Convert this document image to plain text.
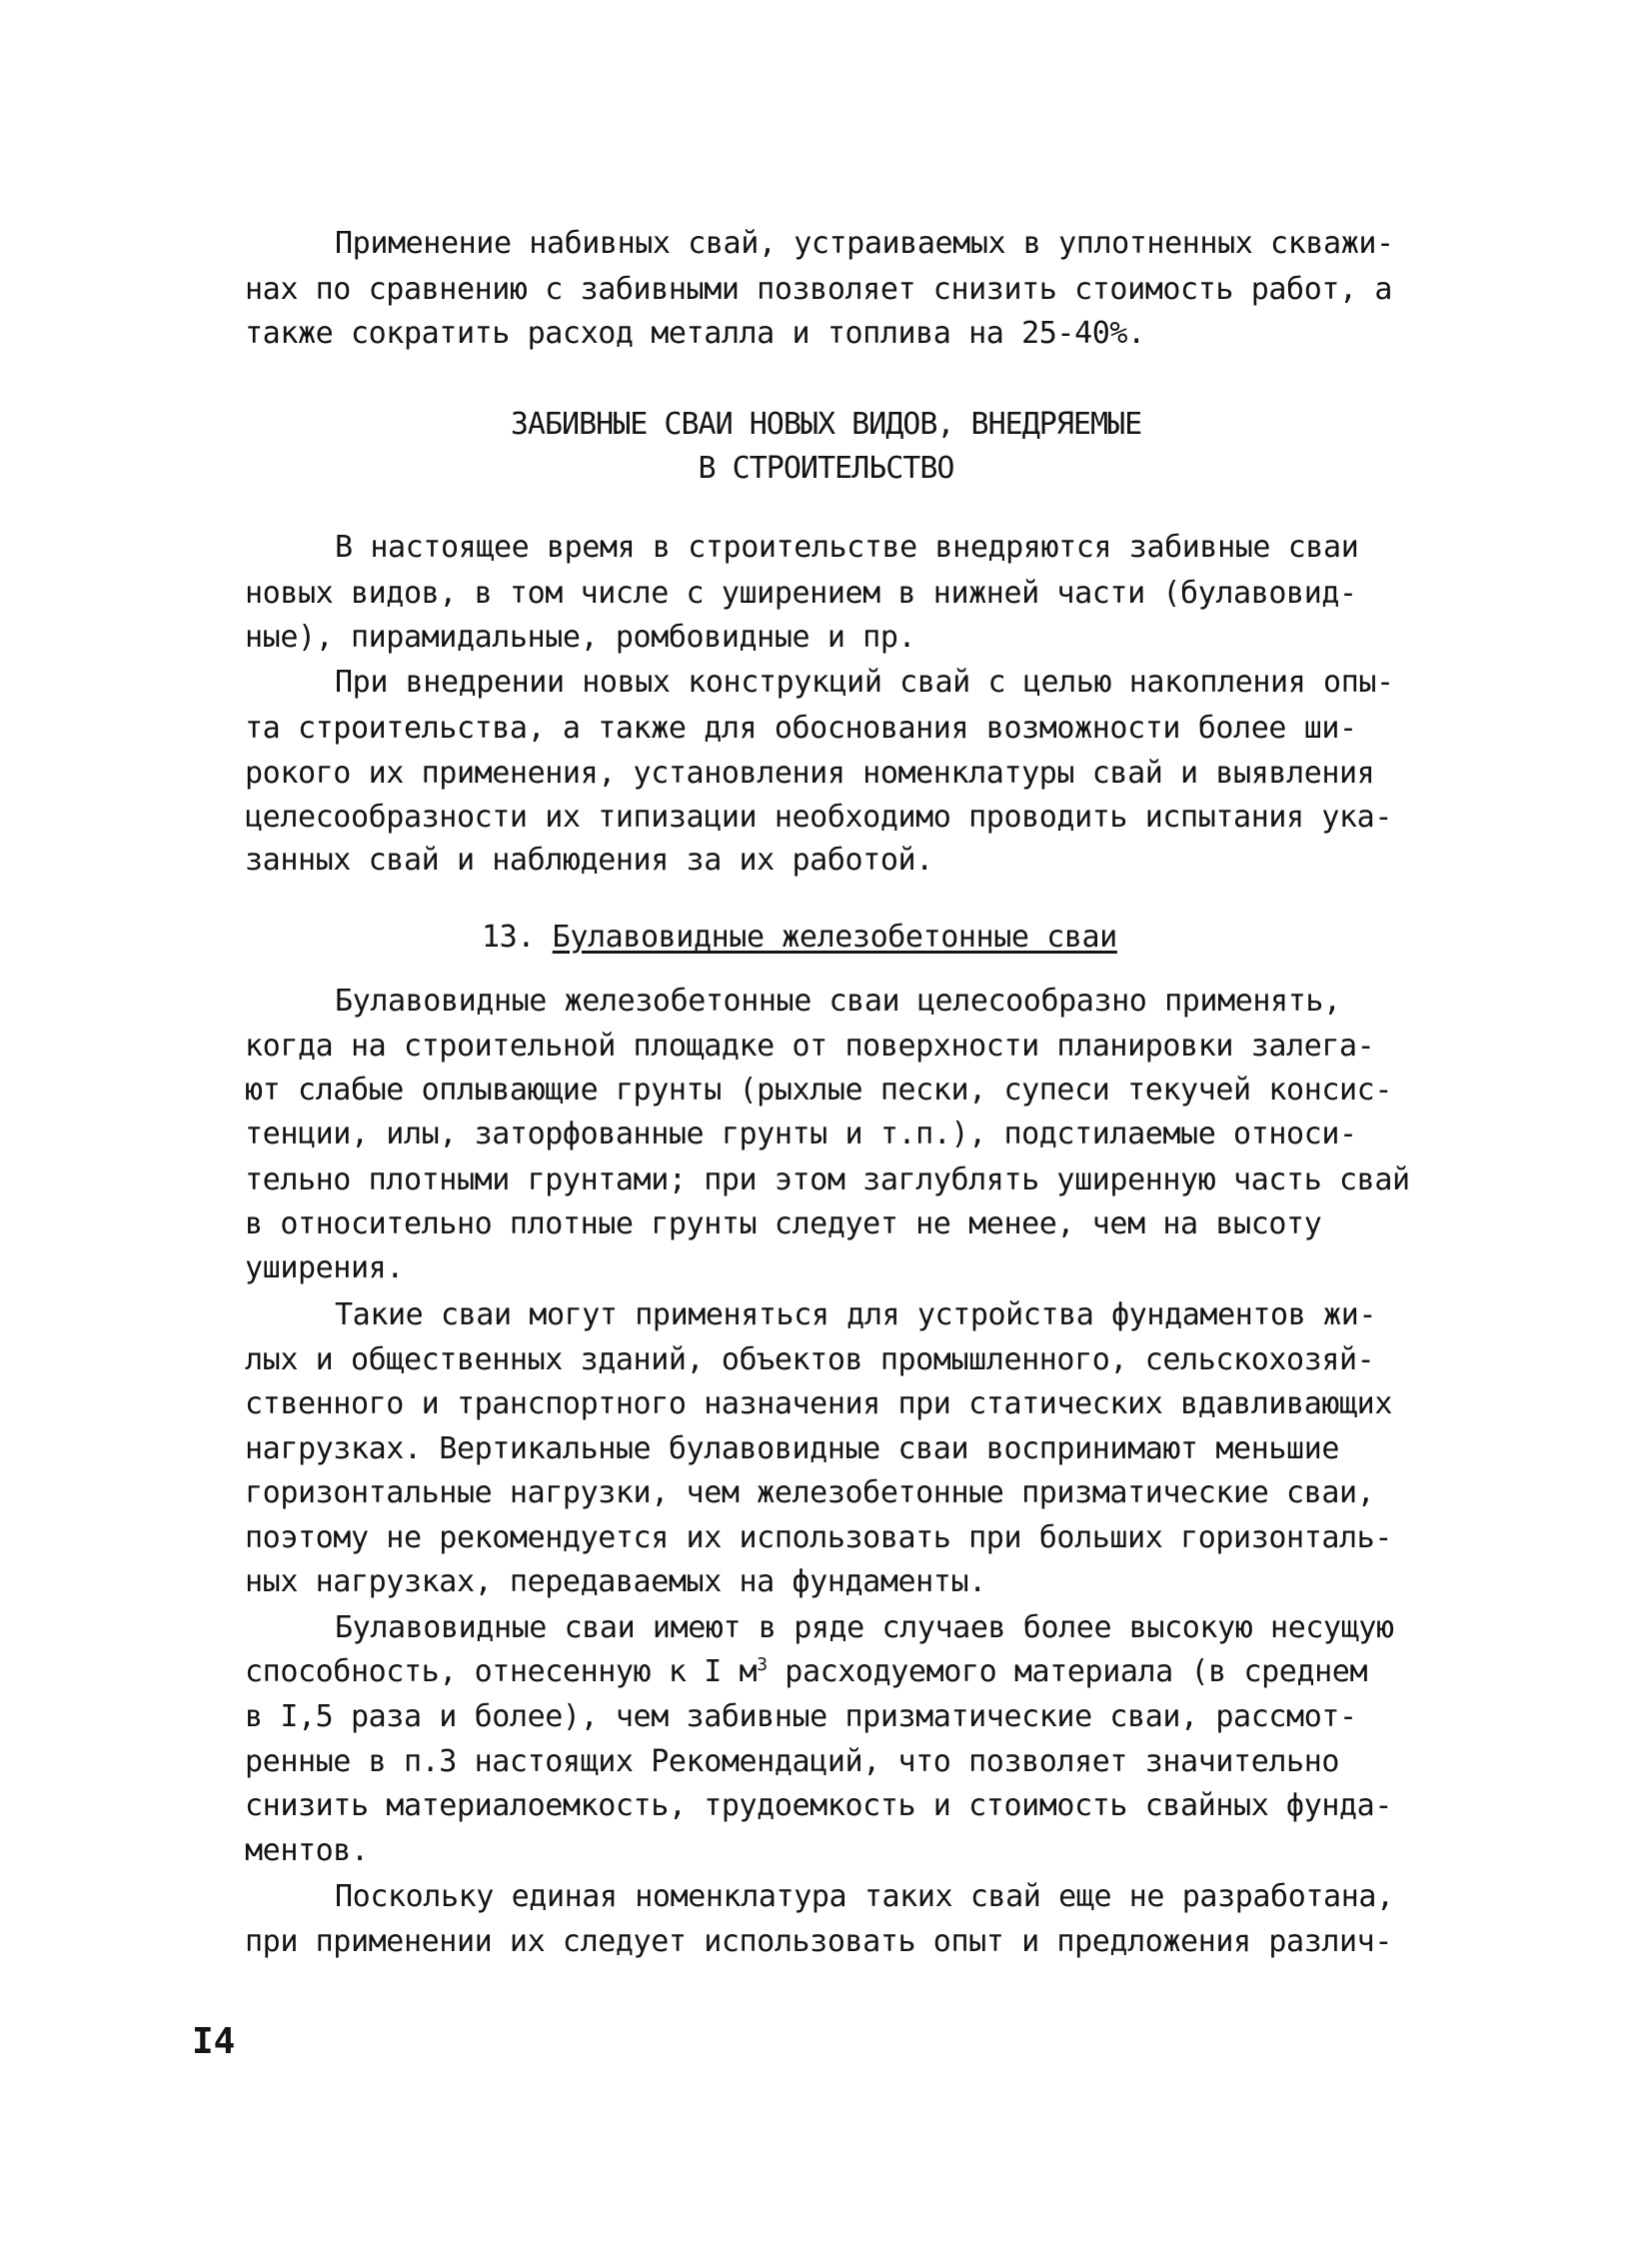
Применение набивных свай, устраиваемых в уплотненных скважи-
нах по сравнению с забивными позволяет снизить стоимость работ, а
также сократить расход металла и топлива на 25-40%.
ЗАБИВНЫЕ СВАИ НОВЫХ ВИДОВ, ВНЕДРЯЕМЫЕ
В СТРОИТЕЛЬСТВО
В настоящее время в строительстве внедряются забивные сваи
новых видов, в том числе с уширением в нижней части (булавовид-
ные), пирамидальные, ромбовидные и пр.
При внедрении новых конструкций свай с целью накопления опы-
та строительства, а также для обоснования возможности более ши-
рокого их применения, установления номенклатуры свай и выявления
целесообразности их типизации необходимо проводить испытания ука-
занных свай и наблюдения за их работой.
13. Булавовидные железобетонные сваи
Булавовидные железобетонные сваи целесообразно применять,
когда на строительной площадке от поверхности планировки залега-
ют слабые оплывающие грунты (рыхлые пески, супеси текучей консис-
тенции, илы, заторфованные грунты и т.п.), подстилаемые относи-
тельно плотными грунтами; при этом заглублять уширенную часть свай
в относительно плотные грунты следует не менее, чем на высоту
уширения.
Такие сваи могут применяться для устройства фундаментов жи-
лых и общественных зданий, объектов промышленного, сельскохозяй-
ственного и транспортного назначения при статических вдавливающих
нагрузках. Вертикальные булавовидные сваи воспринимают меньшие
горизонтальные нагрузки, чем железобетонные призматические сваи,
поэтому не рекомендуется их использовать при больших горизонталь-
ных нагрузках, передаваемых на фундаменты.
Булавовидные сваи имеют в ряде случаев более высокую несущую
способность, отнесенную к I $м^3$ расходуемого материала (в среднем
в I,5 раза и более), чем забивные призматические сваи, рассмот-
ренные в п.3 настоящих Рекомендаций, что позволяет значительно
снизить материалоемкость, трудоемкость и стоимость свайных фунда-
ментов.
Поскольку единая номенклатура таких свай еще не разработана,
при применении их следует использовать опыт и предложения различ-
I4
